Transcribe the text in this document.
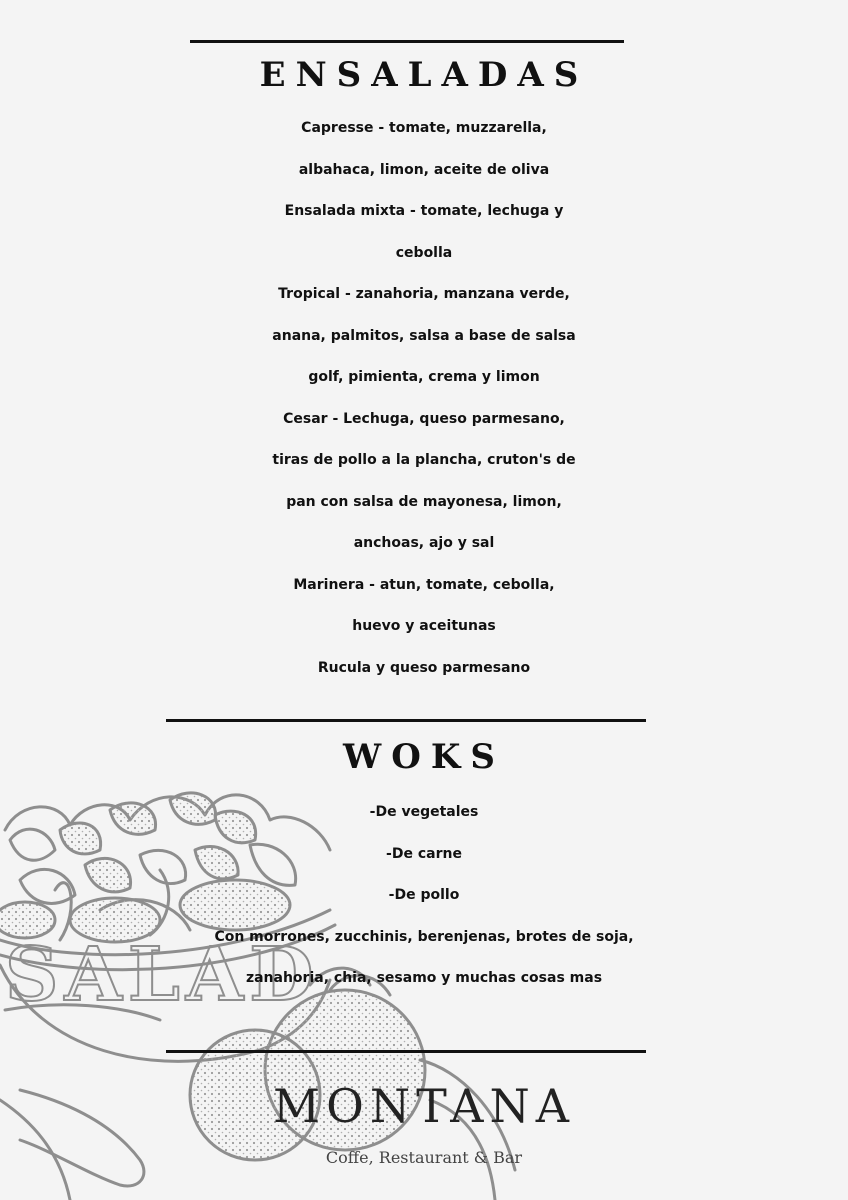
SALAD
ENSALADAS
Capresse - tomate, muzzarella,
albahaca, limon, aceite de oliva
Ensalada mixta - tomate, lechuga y
cebolla
Tropical - zanahoria, manzana verde,
anana, palmitos, salsa a base de salsa
golf, pimienta, crema y limon
Cesar - Lechuga, queso parmesano,
tiras de pollo a la plancha, cruton's de
pan con salsa de mayonesa, limon,
anchoas, ajo y sal
Marinera - atun, tomate, cebolla,
huevo y aceitunas
Rucula y queso parmesano
WOKS
-De vegetales
-De carne
-De pollo
Con morrones, zucchinis, berenjenas, brotes de soja,
zanahoria, chia, sesamo y muchas cosas mas
MONTANA
Coffe, Restaurant & Bar
